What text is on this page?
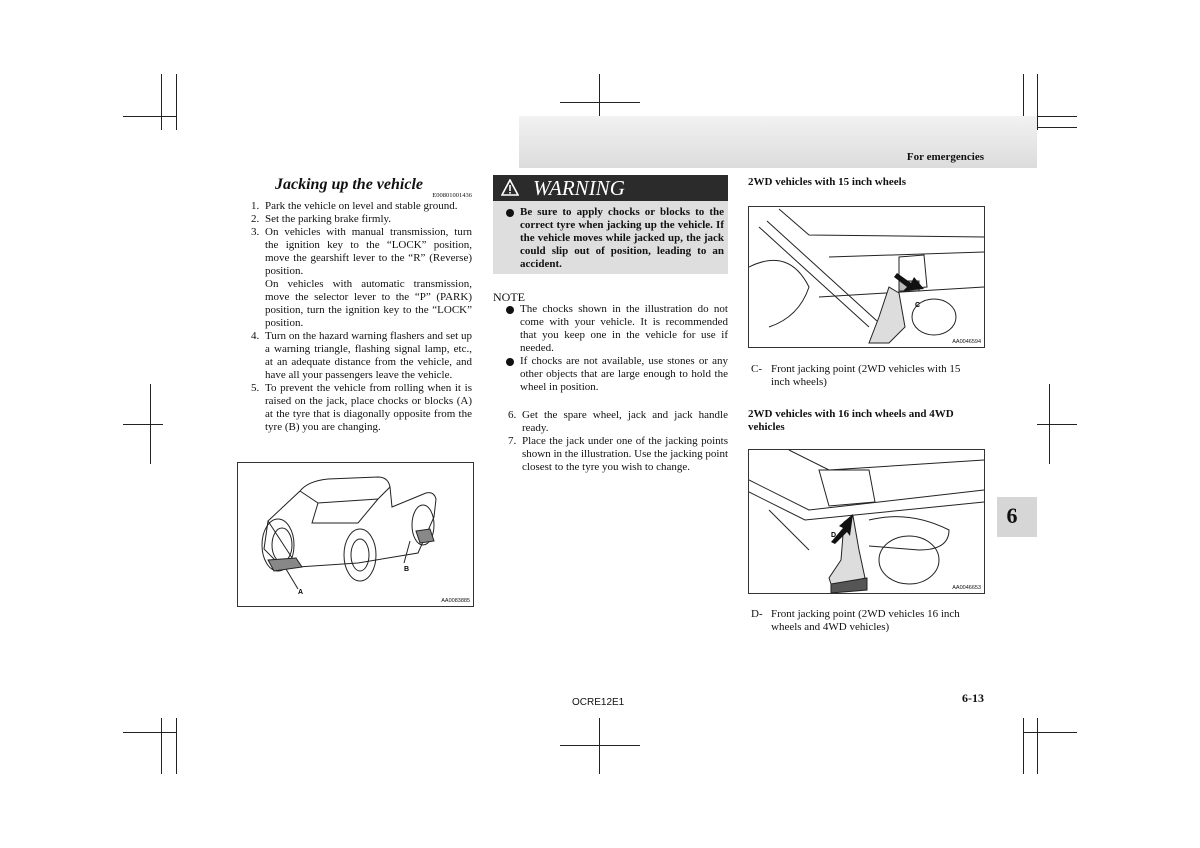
For emergencies
Jacking up the vehicle
E00801001436
1. Park the vehicle on level and stable ground.
2. Set the parking brake firmly.
3. On vehicles with manual transmission, turn the ignition key to the “LOCK” position, move the gearshift lever to the “R” (Reverse) position.
On vehicles with automatic transmission, move the selector lever to the “P” (PARK) position, turn the ignition key to the “LOCK” position.
4. Turn on the hazard warning flashers and set up a warning triangle, flashing signal lamp, etc., at an adequate distance from the vehicle, and have all your passengers leave the vehicle.
5. To prevent the vehicle from rolling when it is raised on the jack, place chocks or blocks (A) at the tyre that is diagonally opposite from the tyre (B) you are changing.
A
B
AA0083885
WARNING
Be sure to apply chocks or blocks to the correct tyre when jacking up the vehicle. If the vehicle moves while jacked up, the jack could slip out of position, leading to an accident.
NOTE
The chocks shown in the illustration do not come with your vehicle. It is recommended that you keep one in the vehicle for use if needed.
If chocks are not available, use stones or any other objects that are large enough to hold the wheel in position.
6. Get the spare wheel, jack and jack handle ready.
7. Place the jack under one of the jacking points shown in the illustration. Use the jacking point closest to the tyre you wish to change.
2WD vehicles with 15 inch wheels
C
AA0046594
C- Front jacking point (2WD vehicles with 15 inch wheels)
2WD vehicles with 16 inch wheels and 4WD vehicles
D
AA0046653
D- Front jacking point (2WD vehicles 16 inch wheels and 4WD vehicles)
6
OCRE12E1	6-13
